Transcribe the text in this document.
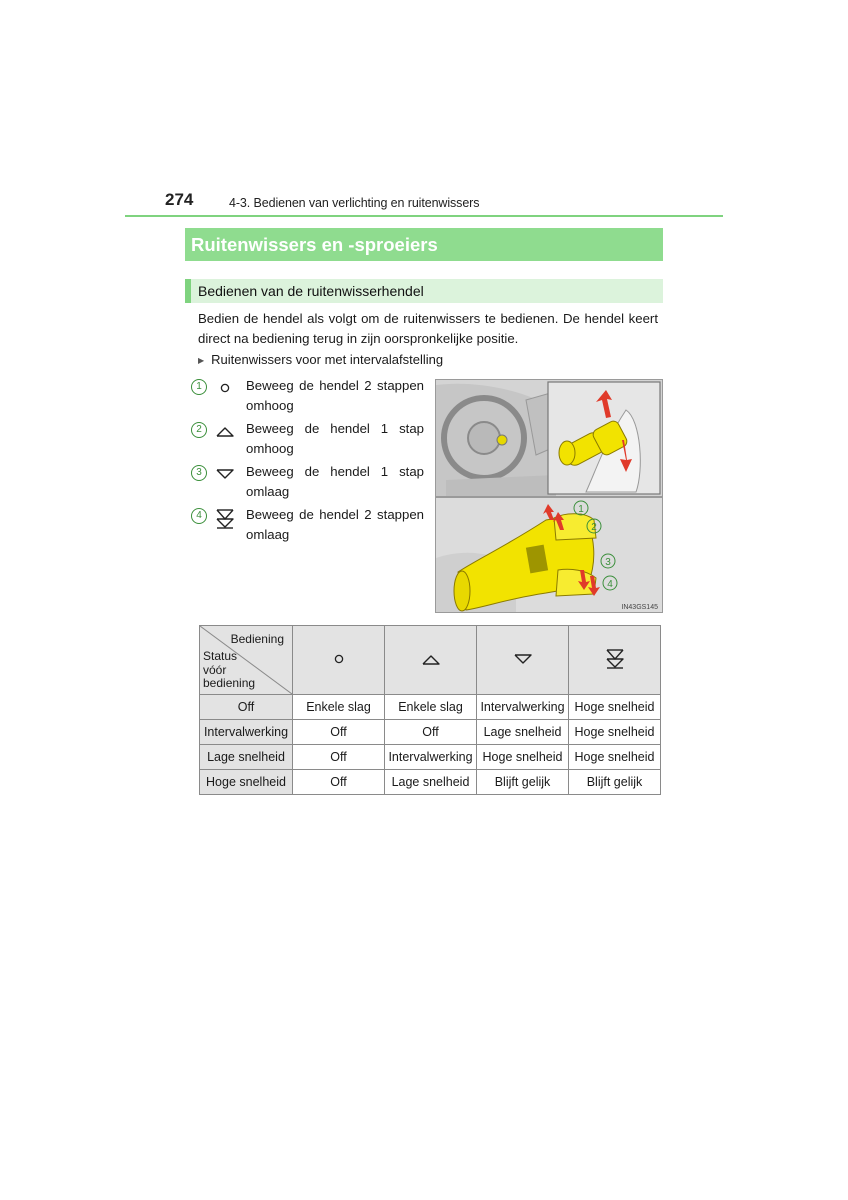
274	4-3. Bedienen van verlichting en ruitenwissers
Ruitenwissers en -sproeiers
Bedienen van de ruitenwisserhendel
Bedien de hendel als volgt om de ruitenwissers te bedienen. De hendel keert direct na bediening terug in zijn oorspronkelijke positie.
▶ Ruitenwissers voor met intervalafstelling
1	Beweeg de hendel 2 stappen omhoog
2	Beweeg de hendel 1 stap omhoog
3	Beweeg de hendel 1 stap omlaag
4	Beweeg de hendel 2 stappen omlaag
1
2
3
4
IN43GS145
Bediening
Status
vóór
bediening

Off	Enkele slag	Enkele slag	Intervalwerking	Hoge snelheid
Intervalwerking	Off	Off	Lage snelheid	Hoge snelheid
Lage snelheid	Off	Intervalwerking	Hoge snelheid	Hoge snelheid
Hoge snelheid	Off	Lage snelheid	Blijft gelijk	Blijft gelijk
